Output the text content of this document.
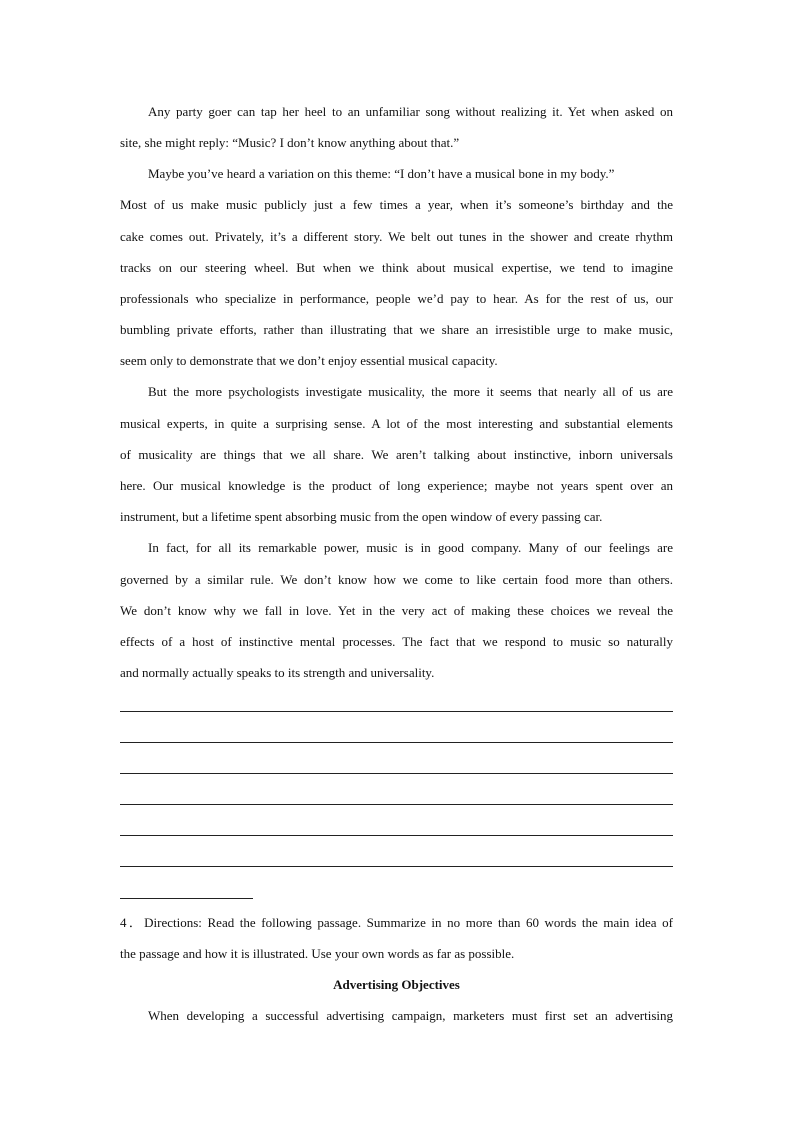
Any party goer can tap her heel to an unfamiliar song without realizing it. Yet when asked on
site, she might reply: “Music? I don’t know anything about that.”
Maybe you’ve heard a variation on this theme: “I don’t have a musical bone in my body.”
Most of us make music publicly just a few times a year, when it’s someone’s birthday and the
cake comes out. Privately, it’s a different story. We belt out tunes in the shower and create rhythm
tracks on our steering wheel. But when we think about musical expertise, we tend to imagine
professionals who specialize in performance, people we’d pay to hear. As for the rest of us, our
bumbling private efforts, rather than illustrating that we share an irresistible urge to make music,
seem only to demonstrate that we don’t enjoy essential musical capacity.
But the more psychologists investigate musicality, the more it seems that nearly all of us are
musical experts, in quite a surprising sense. A lot of the most interesting and substantial elements
of musicality are things that we all share. We aren’t talking about instinctive, inborn universals
here. Our musical knowledge is the product of long experience; maybe not years spent over an
instrument, but a lifetime spent absorbing music from the open window of every passing car.
In fact, for all its remarkable power, music is in good company. Many of our feelings are
governed by a similar rule. We don’t know how we come to like certain food more than others.
We don’t know why we fall in love. Yet in the very act of making these choices we reveal the
effects of a host of instinctive mental processes. The fact that we respond to music so naturally
and normally actually speaks to its strength and universality.
4．Directions: Read the following passage. Summarize in no more than 60 words the main idea of
the passage and how it is illustrated. Use your own words as far as possible.
Advertising Objectives
When developing a successful advertising campaign, marketers must first set an advertising
